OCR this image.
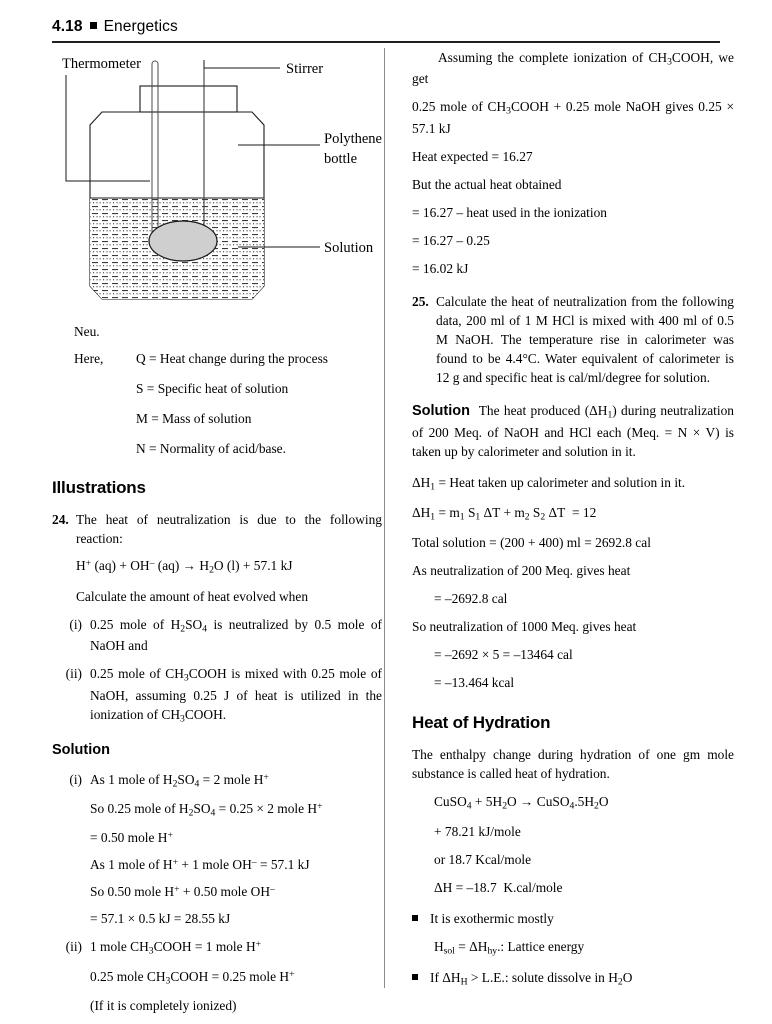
4.18 Energetics
Thermometer	Stirrer
Polythene
bottle
Solution

Neu.

Here,	Q = Heat change during the process
S = Specific heat of solution
M = Mass of solution
N = Normality of acid/base.
Illustrations
24. The heat of neutralization is due to the following reaction:

H+ (aq) + OH– $(aq) \to H_2O$ (l) + 57.1 kJ

Calculate the amount of heat evolved when

(i) 0.25 mole of $H_2SO_4$ is neutralized by 0.5 mole of NaOH and
(ii) 0.25 mole of $CH_3COOH$ is mixed with 0.25 mole of NaOH, assuming 0.25 J of heat is utilized in the ionization of $CH_3COOH$.
Solution
(i) As 1 mole of $H_2SO_4 = 2$ mole H+
So 0.25 mole of $H_2SO_4 = 0.25 \times 2$ mole H+
= 0.50 mole H+
As 1 mole of H+ + 1 mole OH– = 57.1 kJ
So 0.50 mole H+ + 0.50 mole OH–
= 57.1 × 0.5 kJ = 28.55 kJ
(ii) 1 mole $CH_3COOH = 1$ mole H+
0.25 mole $CH_3COOH = 0.25$ mole H+
(If it is completely ionized)

Assuming the complete ionization of $CH_3COOH$, we get

0.25 mole of $CH_3COOH + 0.25$ mole NaOH gives 0.25 × 57.1 kJ

Heat expected = 16.27

But the actual heat obtained

= 16.27 – heat used in the ionization

= 16.27 – 0.25

= 16.02 kJ

25. Calculate the heat of neutralization from the following data, 200 ml of 1 M HCl is mixed with 400 ml of 0.5 M NaOH. The temperature rise in calorimeter was found to be 4.4°C. Water equivalent of calorimeter is 12 g and specific heat is cal/ml/degree for solution.

Solution  The heat produced $(\Delta H_1)$ during neutralization of 200 Meq. of NaOH and HCl each (Meq. = N × V) is taken up by calorimeter and solution in it.

$\Delta H_1$ = Heat taken up calorimeter and solution in it.

$\Delta H_1 = m_1$ $S_1$ $\Delta T + m_2$ $S_2$ ΔT  = 12

Total solution = (200 + 400) ml = 2692.8 cal

As neutralization of 200 Meq. gives heat

= –2692.8 cal

So neutralization of 1000 Meq. gives heat

= –2692 × 5 = –13464 cal

= –13.464 kcal

Heat of Hydration

The enthalpy change during hydration of one gm mole substance is called heat of hydration.

CuSO$_4$ + $5H_2O$ → $CuSO_4.5H_2O$

+ 78.21 kJ/mole

or 18.7 Kcal/mole

ΔH = –18.7  K.cal/mole

It is exothermic mostly

$H_{sol} = \Delta H_{hy}$.: Lattice energy

If $\Delta H_H > L.E$.: solute dissolve in $H_2O$
